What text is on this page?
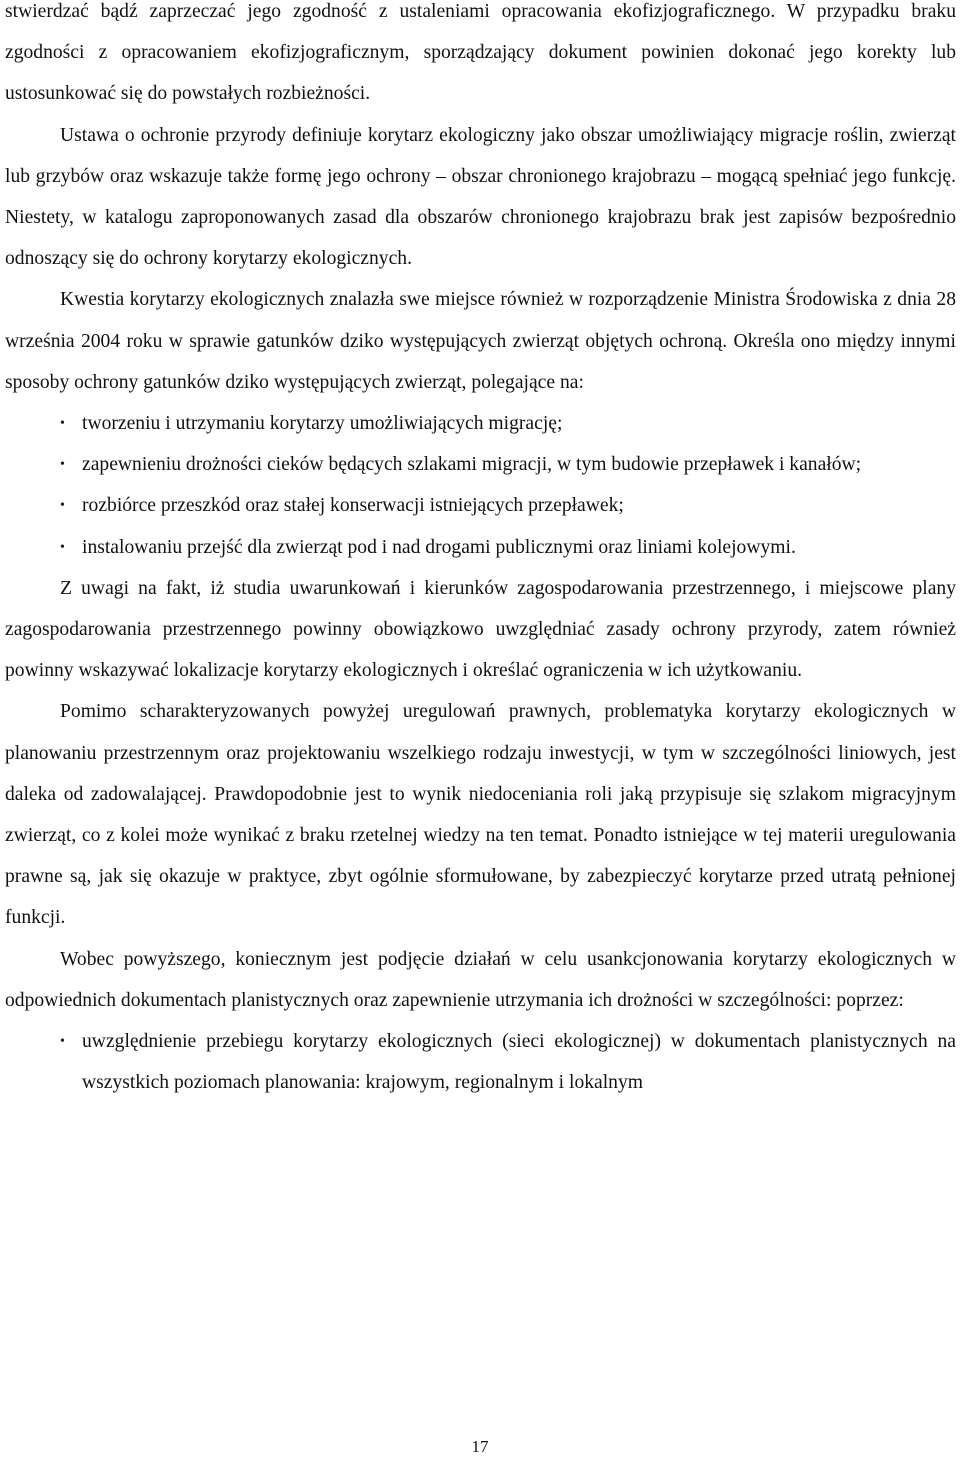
stwierdzać bądź zaprzeczać jego zgodność z ustaleniami opracowania ekofizjograficznego. W przypadku braku zgodności z opracowaniem ekofizjograficznym, sporządzający dokument powinien dokonać jego korekty lub ustosunkować się do powstałych rozbieżności.

Ustawa o ochronie przyrody definiuje korytarz ekologiczny jako obszar umożliwiający migracje roślin, zwierząt lub grzybów oraz wskazuje także formę jego ochrony – obszar chronionego krajobrazu – mogącą spełniać jego funkcję. Niestety, w katalogu zaproponowanych zasad dla obszarów chronionego krajobrazu brak jest zapisów bezpośrednio odnoszący się do ochrony korytarzy ekologicznych.

Kwestia korytarzy ekologicznych znalazła swe miejsce również w rozporządzenie Ministra Środowiska z dnia 28 września 2004 roku w sprawie gatunków dziko występujących zwierząt objętych ochroną. Określa ono między innymi sposoby ochrony gatunków dziko występujących zwierząt, polegające na:

• tworzeniu i utrzymaniu korytarzy umożliwiających migrację;
• zapewnieniu drożności cieków będących szlakami migracji, w tym budowie przepławek i kanałów;
• rozbiórce przeszkód oraz stałej konserwacji istniejących przepławek;
• instalowaniu przejść dla zwierząt pod i nad drogami publicznymi oraz liniami kolejowymi.

Z uwagi na fakt, iż studia uwarunkowań i kierunków zagospodarowania przestrzennego, i miejscowe plany zagospodarowania przestrzennego powinny obowiązkowo uwzględniać zasady ochrony przyrody, zatem również powinny wskazywać lokalizacje korytarzy ekologicznych i określać ograniczenia w ich użytkowaniu.

Pomimo scharakteryzowanych powyżej uregulowań prawnych, problematyka korytarzy ekologicznych w planowaniu przestrzennym oraz projektowaniu wszelkiego rodzaju inwestycji, w tym w szczególności liniowych, jest daleka od zadowalającej. Prawdopodobnie jest to wynik niedoceniania roli jaką przypisuje się szlakom migracyjnym zwierząt, co z kolei może wynikać z braku rzetelnej wiedzy na ten temat. Ponadto istniejące w tej materii uregulowania prawne są, jak się okazuje w praktyce, zbyt ogólnie sformułowane, by zabezpieczyć korytarze przed utratą pełnionej funkcji.

Wobec powyższego, koniecznym jest podjęcie działań w celu usankcjonowania korytarzy ekologicznych w odpowiednich dokumentach planistycznych oraz zapewnienie utrzymania ich drożności w szczególności: poprzez:

• uwzględnienie przebiegu korytarzy ekologicznych (sieci ekologicznej) w dokumentach planistycznych na wszystkich poziomach planowania: krajowym, regionalnym i lokalnym
17
